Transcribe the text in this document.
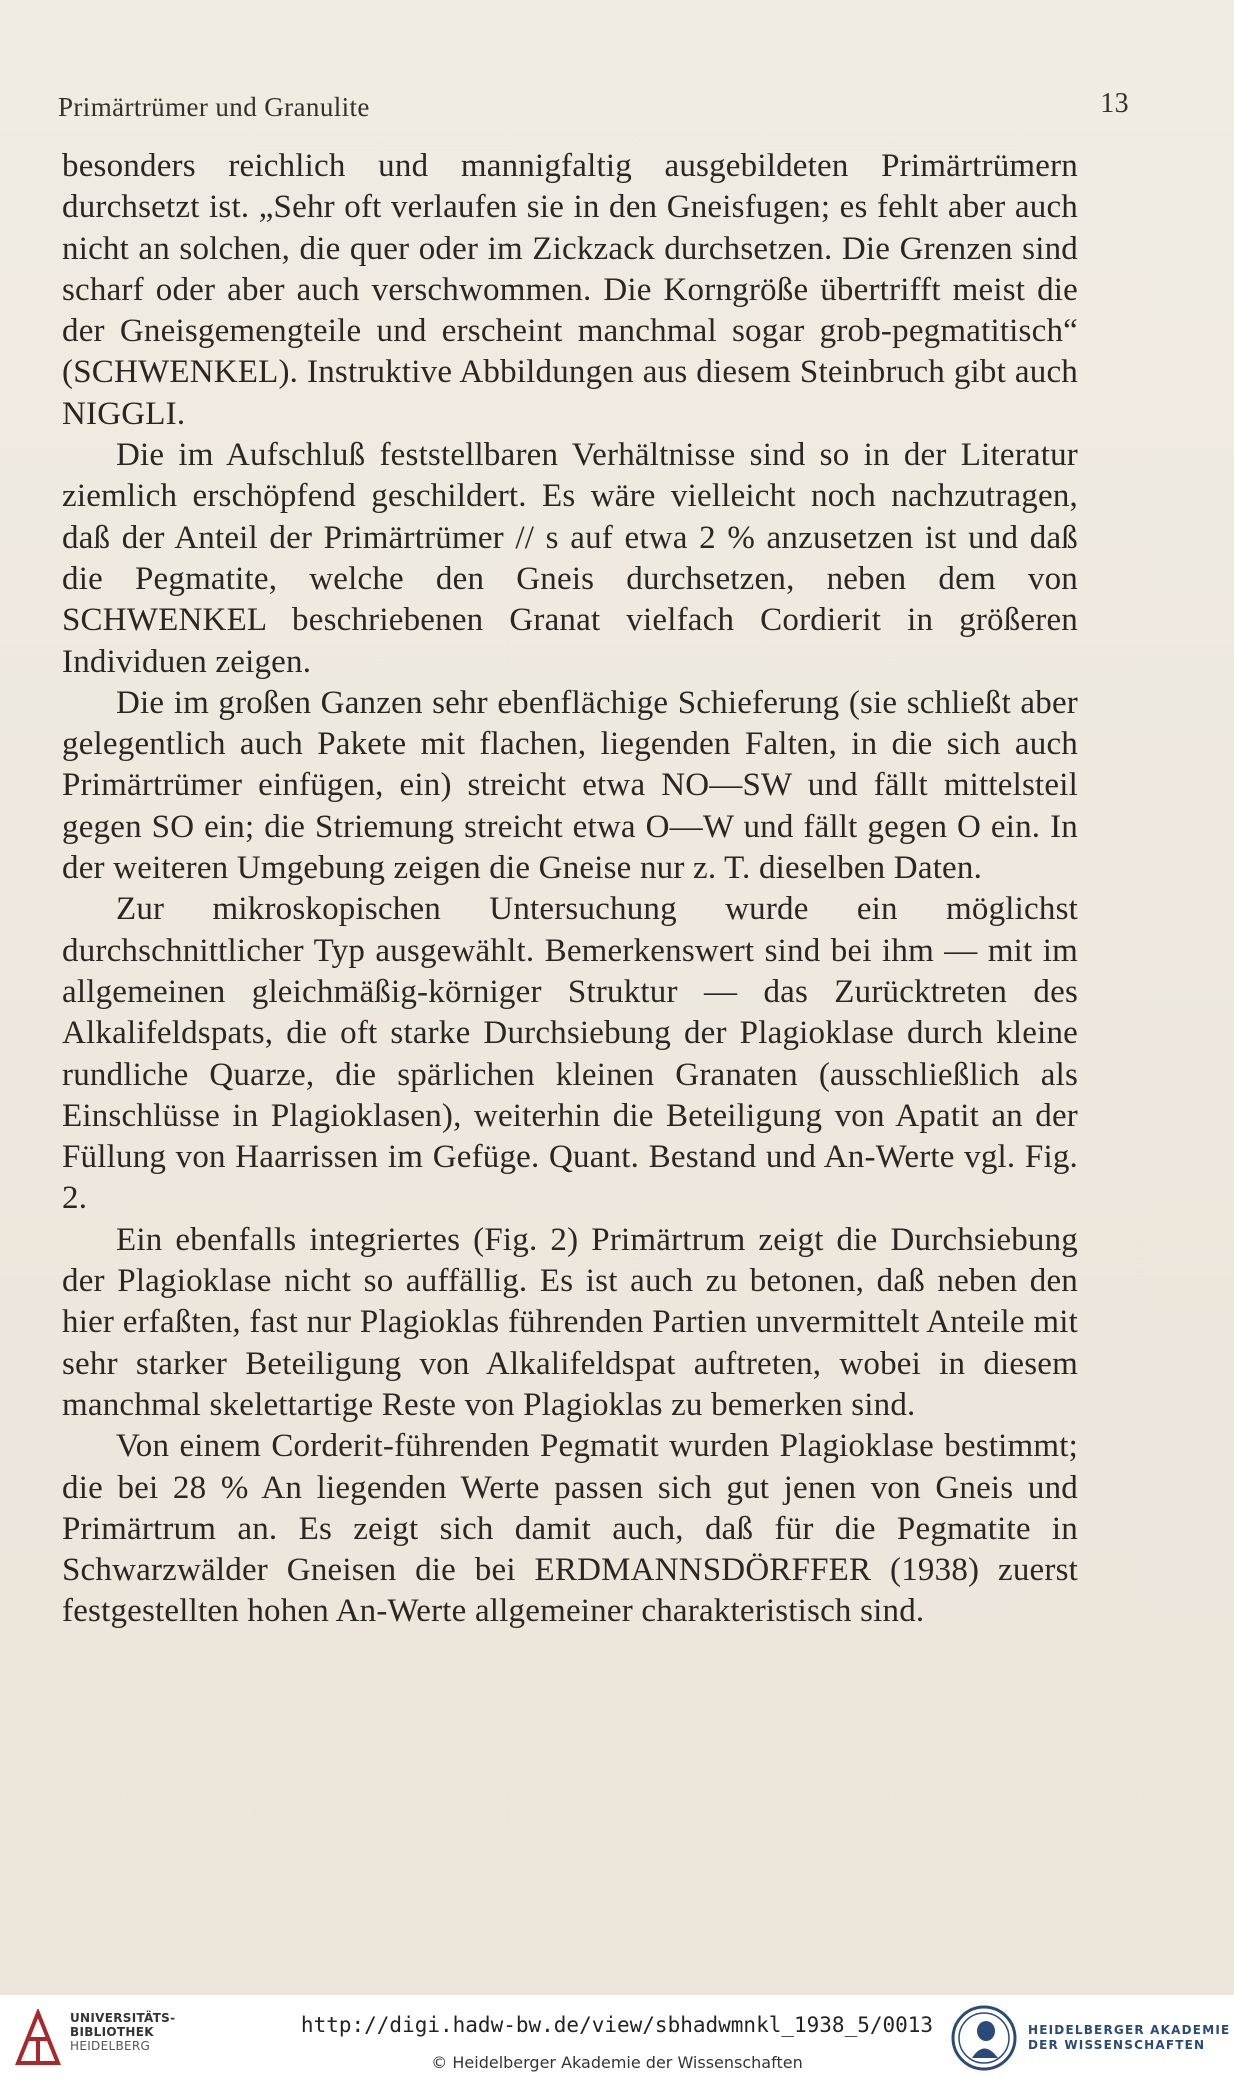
Primärtrümer und Granulite	13

besonders reichlich und mannigfaltig ausgebildeten Primärtrümern durchsetzt ist. „Sehr oft verlaufen sie in den Gneisfugen; es fehlt aber auch nicht an solchen, die quer oder im Zickzack durchsetzen. Die Grenzen sind scharf oder aber auch verschwommen. Die Korngröße übertrifft meist die der Gneisgemengteile und erscheint manchmal sogar grob-pegmatitisch“ (SCHWENKEL). Instruktive Abbildungen aus diesem Steinbruch gibt auch NIGGLI.

Die im Aufschluß feststellbaren Verhältnisse sind so in der Literatur ziemlich erschöpfend geschildert. Es wäre vielleicht noch nachzutragen, daß der Anteil der Primärtrümer // s auf etwa 2 % anzusetzen ist und daß die Pegmatite, welche den Gneis durchsetzen, neben dem von SCHWENKEL beschriebenen Granat vielfach Cordierit in größeren Individuen zeigen.

Die im großen Ganzen sehr ebenflächige Schieferung (sie schließt aber gelegentlich auch Pakete mit flachen, liegenden Falten, in die sich auch Primärtrümer einfügen, ein) streicht etwa NO—SW und fällt mittelsteil gegen SO ein; die Striemung streicht etwa O—W und fällt gegen O ein. In der weiteren Umgebung zeigen die Gneise nur z. T. dieselben Daten.

Zur mikroskopischen Untersuchung wurde ein möglichst durchschnittlicher Typ ausgewählt. Bemerkenswert sind bei ihm — mit im allgemeinen gleichmäßig-körniger Struktur — das Zurücktreten des Alkalifeldspats, die oft starke Durchsiebung der Plagioklase durch kleine rundliche Quarze, die spärlichen kleinen Granaten (ausschließlich als Einschlüsse in Plagioklasen), weiterhin die Beteiligung von Apatit an der Füllung von Haarrissen im Gefüge. Quant. Bestand und An-Werte vgl. Fig. 2.

Ein ebenfalls integriertes (Fig. 2) Primärtrum zeigt die Durchsiebung der Plagioklase nicht so auffällig. Es ist auch zu betonen, daß neben den hier erfaßten, fast nur Plagioklas führenden Partien unvermittelt Anteile mit sehr starker Beteiligung von Alkalifeldspat auftreten, wobei in diesem manchmal skelettartige Reste von Plagioklas zu bemerken sind.

Von einem Corderit-führenden Pegmatit wurden Plagioklase bestimmt; die bei 28 % An liegenden Werte passen sich gut jenen von Gneis und Primärtrum an. Es zeigt sich damit auch, daß für die Pegmatite in Schwarzwälder Gneisen die bei ERDMANNSDÖRFFER (1938) zuerst festgestellten hohen An-Werte allgemeiner charakteristisch sind.

UNIVERSITÄTS-
BIBLIOTHEK
HEIDELBERG
http://digi.hadw-bw.de/view/sbhadwmnkl_1938_5/0013
© Heidelberger Akademie der Wissenschaften
HEIDELBERGER AKADEMIE
DER WISSENSCHAFTEN
